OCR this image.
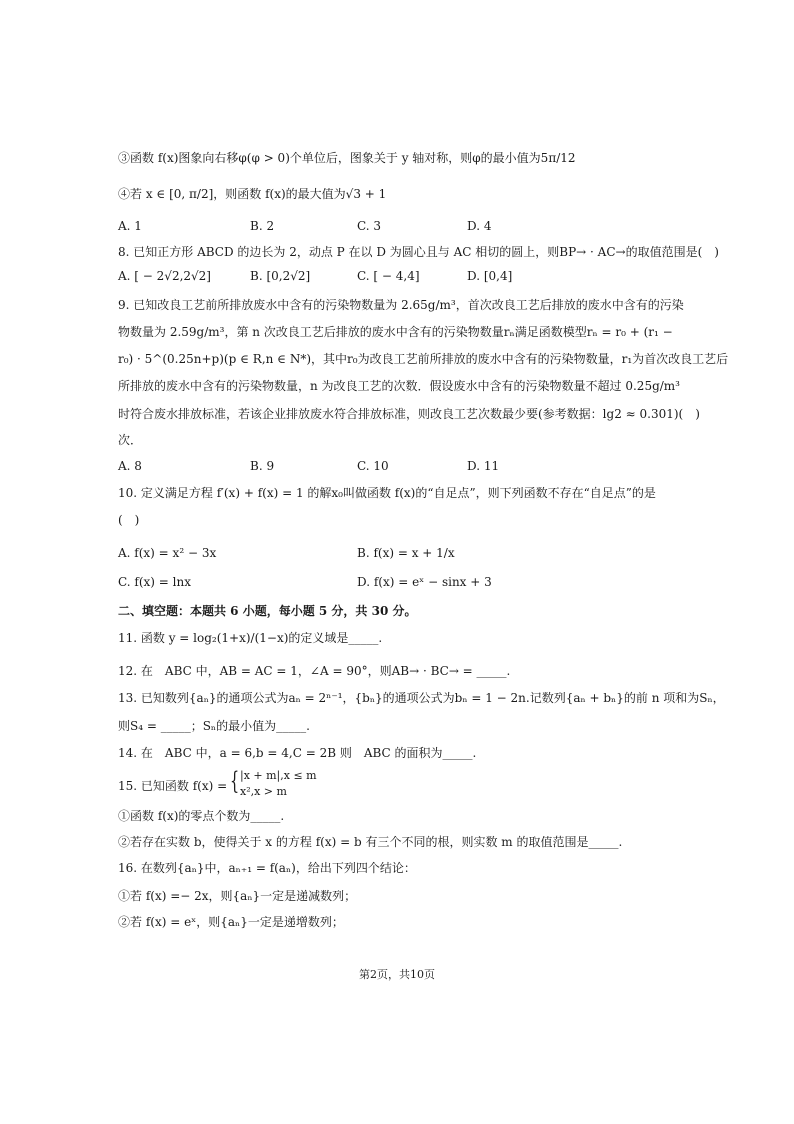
③函数 f(x)图象向右移φ(φ > 0)个单位后，图象关于 y 轴对称，则φ的最小值为5π/12
④若 x ∈ [0, π/2]，则函数 f(x)的最大值为√3 + 1
A. 1	B. 2	C. 3	D. 4
8. 已知正方形 ABCD 的边长为 2，动点 P 在以 D 为圆心且与 AC 相切的圆上，则BP→ · AC→的取值范围是(　)
A. [ − 2√2,2√2]	B. [0,2√2]	C. [ − 4,4]	D. [0,4]
9. 已知改良工艺前所排放废水中含有的污染物数量为 2.65g/m³，首次改良工艺后排放的废水中含有的污染
物数量为 2.59g/m³，第 n 次改良工艺后排放的废水中含有的污染物数量rₙ满足函数模型rₙ = r₀ + (r₁ −
r₀) · 5^(0.25n+p)(p ∈ R,n ∈ N*)，其中r₀为改良工艺前所排放的废水中含有的污染物数量，r₁为首次改良工艺后
所排放的废水中含有的污染物数量，n 为改良工艺的次数．假设废水中含有的污染物数量不超过 0.25g/m³
时符合废水排放标准，若该企业排放废水符合排放标准，则改良工艺次数最少要(参考数据：lg2 ≈ 0.301)(　)
次．
A. 8	B. 9	C. 10	D. 11
10. 定义满足方程 f′(x) + f(x) = 1 的解x₀叫做函数 f(x)的“自足点”，则下列函数不存在“自足点”的是
(　)
A. f(x) = x² − 3x	B. f(x) = x + 1/x
C. f(x) = lnx	D. f(x) = eˣ − sinx + 3
二、填空题：本题共 6 小题，每小题 5 分，共 30 分。
11. 函数 y = log₂(1+x)/(1−x)的定义域是_____.
12. 在　ABC 中，AB = AC = 1，∠A = 90°，则AB→ · BC→ = _____.
13. 已知数列{aₙ}的通项公式为aₙ = 2ⁿ⁻¹，{bₙ}的通项公式为bₙ = 1 − 2n.记数列{aₙ + bₙ}的前 n 项和为Sₙ，
则S₄ = _____；Sₙ的最小值为_____.
14. 在　ABC 中，a = 6,b = 4,C = 2B 则　ABC 的面积为_____.
15. 已知函数 f(x) = { |x + m|,x ≤ m
x²,x > m
①函数 f(x)的零点个数为_____.
②若存在实数 b，使得关于 x 的方程 f(x) = b 有三个不同的根，则实数 m 的取值范围是_____.
16. 在数列{aₙ}中，aₙ₊₁ = f(aₙ)，给出下列四个结论：
①若 f(x) =− 2x，则{aₙ}一定是递减数列；
②若 f(x) = eˣ，则{aₙ}一定是递增数列；
第2页，共10页
